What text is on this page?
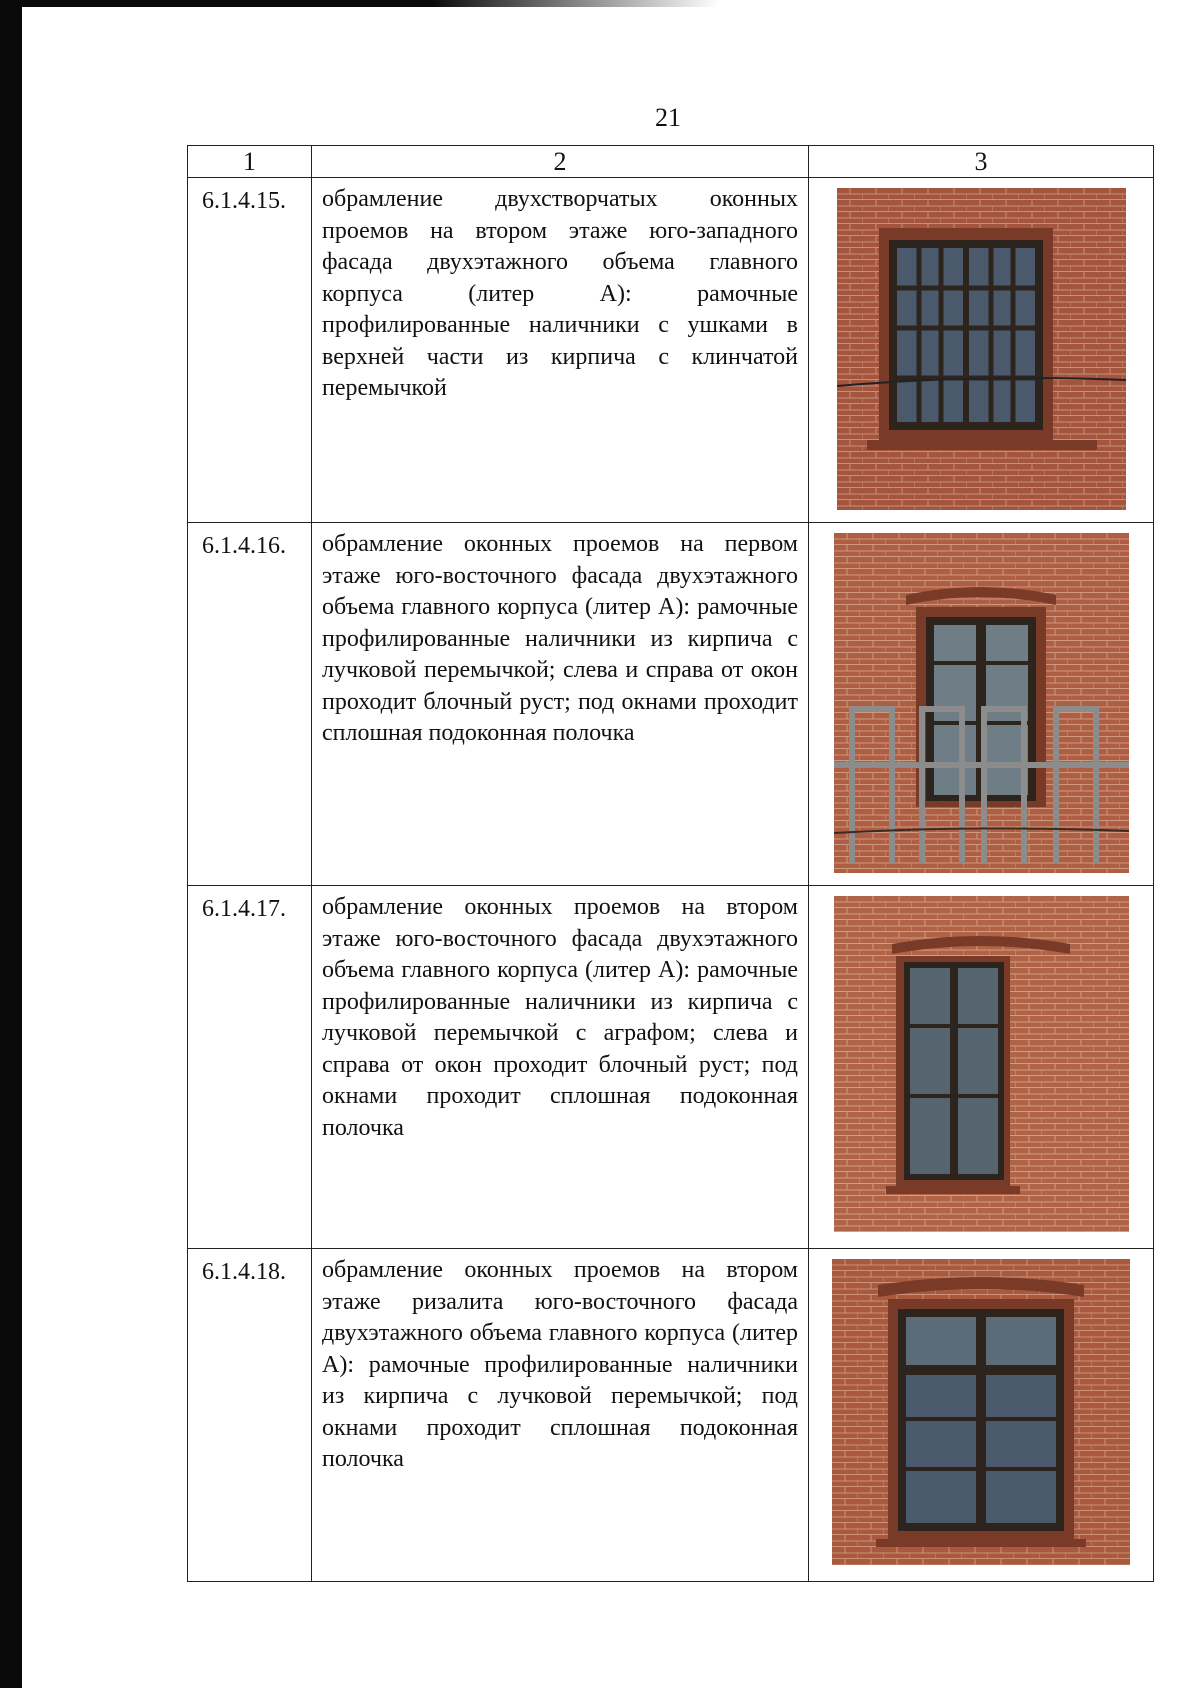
21
1	2	3
6.1.4.15.	обрамление двухстворчатых оконных проемов на втором этаже юго-западного фасада двухэтажного объема главного корпуса (литер А): рамочные профилированные наличники с ушками в верхней части из кирпича с клинчатой перемычкой	

6.1.4.16.	обрамление оконных проемов на первом этаже юго-восточного фасада двухэтажного объема главного корпуса (литер А): рамочные профилированные наличники из кирпича с лучковой перемычкой; слева и справа от окон проходит блочный руст; под окнами проходит сплошная подоконная полочка	

6.1.4.17.	обрамление оконных проемов на втором этаже юго-восточного фасада двухэтажного объема главного корпуса (литер А): рамочные профилированные наличники из кирпича с лучковой перемычкой с аграфом; слева и справа от окон проходит блочный руст; под окнами проходит сплошная подоконная полочка	

6.1.4.18.	обрамление оконных проемов на втором этаже ризалита юго-восточного фасада двухэтажного объема главного корпуса (литер А): рамочные профилированные наличники из кирпича с лучковой перемычкой; под окнами проходит сплошная подоконная полочка	
